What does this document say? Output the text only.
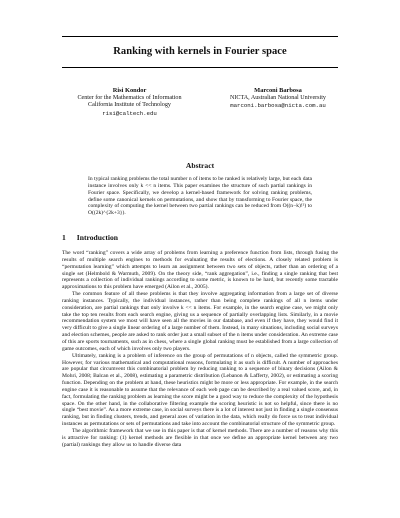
Ranking with kernels in Fourier space
Risi Kondor
Center for the Mathematics of Information
California Institute of Technology
risi@caltech.edu
Marconi Barbosa
NICTA, Australian National University
marconi.barbosa@nicta.com.au
Abstract

In typical ranking problems the total number n of items to be ranked is relatively large, but each data instance involves only k << n items. This paper examines the structure of such partial rankings in Fourier space. Specifically, we develop a kernel-based framework for solving ranking problems, define some canonical kernels on permutations, and show that by transforming to Fourier space, the complexity of computing the kernel between two partial rankings can be reduced from O((n−k)!²) to O((2k)^{2k+3}).

1 Introduction

The word “ranking” covers a wide array of problems from learning a preference function from lists, through fusing the results of multiple search engines to methods for evaluating the results of elections. A closely related problem is “permutation learning” which attempts to learn an assignment between two sets of objects, rather than an ordering of a single set (Helmbold & Warmuth, 2009). On the theory side, “rank aggregation”, i.e., finding a single ranking that best represents a collection of individual rankings according to some metric, is known to be hard, but recently some tractable approximations to this problem have emerged (Ailon et al., 2005).

The common feature of all these problems is that they involve aggregating information from a large set of diverse ranking instances. Typically, the individual instances, rather than being complete rankings of all n items under consideration, are partial rankings that only involve k << n items. For example, in the search engine case, we might only take the top ten results from each search engine, giving us a sequence of partially overlapping lists. Similarly, in a movie recommendation system we most will have seen all the movies in our database, and even if they have, they would find it very difficult to give a single linear ordering of a large number of them. Instead, in many situations, including social surveys and election schemes, people are asked to rank order just a small subset of the n items under consideration. An extreme case of this are sports tournaments, such as in chess, where a single global ranking must be established from a large collection of game outcomes, each of which involves only two players.

Ultimately, ranking is a problem of inference on the group of permutations of n objects, called the symmetric group. However, for various mathematical and computational reasons, formulating it as such is difficult. A number of approaches are popular that circumvent this combinatorial problem by reducing ranking to a sequence of binary decisions (Ailon & Mohri, 2008; Balcan et al., 2008), estimating a parametric distribution (Lebanon & Lafferty, 2002), or estimating a scoring function. Depending on the problem at hand, these heuristics might be more or less appropriate. For example, in the search engine case it is reasonable to assume that the relevance of each web page can be described by a real valued score, and, in fact, formulating the ranking problem as learning the score might be a good way to reduce the complexity of the hypothesis space. On the other hand, in the collaborative filtering example the scoring heuristic is not so helpful, since there is no single “best movie”. As a more extreme case, in social surveys there is a lot of interest not just in finding a single consensus ranking, but in finding clusters, trends, and general axes of variation in the data, which really do force us to treat individual instances as permutations or sets of permutations and take into account the combinatorial structure of the symmetric group.

The algorithmic framework that we use in this paper is that of kernel methods. There are a number of reasons why this is attractive for ranking: (1) kernel methods are flexible in that once we define an appropriate kernel between any two (partial) rankings they allow us to handle diverse data
